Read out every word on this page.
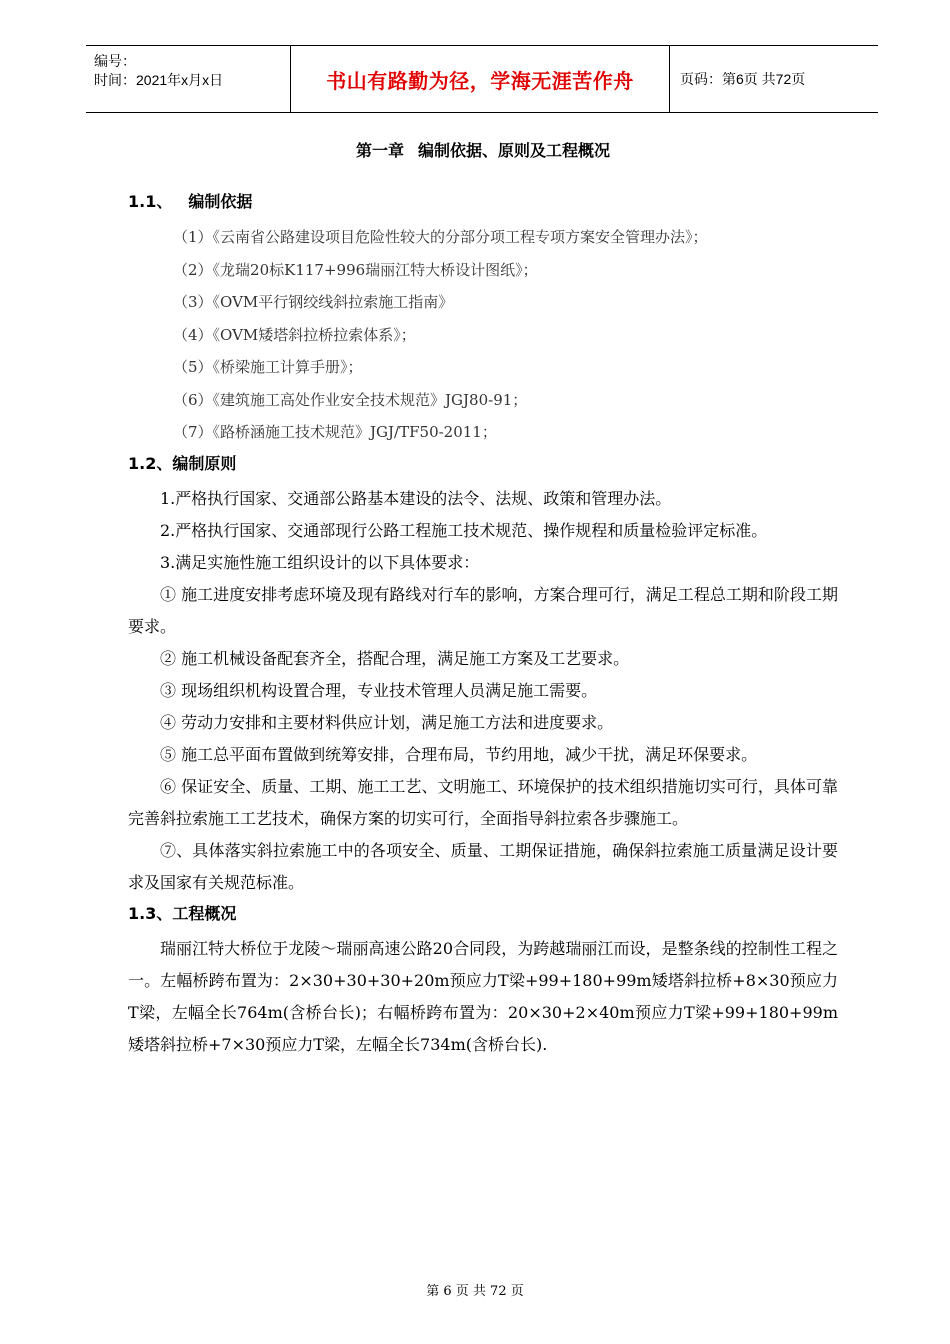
编号：
时间：2021年x月x日	书山有路勤为径，学海无涯苦作舟	页码：第6页 共72页
第一章 编制依据、原则及工程概况
1.1、 编制依据

（1）《云南省公路建设项目危险性较大的分部分项工程专项方案安全管理办法》；

（2）《龙瑞20标K117+996瑞丽江特大桥设计图纸》；

（3）《OVM平行钢绞线斜拉索施工指南》

（4）《OVM矮塔斜拉桥拉索体系》；

（5）《桥梁施工计算手册》；

（6）《建筑施工高处作业安全技术规范》JGJ80-91；

（7）《路桥涵施工技术规范》JGJ/TF50-2011；

1.2、编制原则

1.严格执行国家、交通部公路基本建设的法令、法规、政策和管理办法。

2.严格执行国家、交通部现行公路工程施工技术规范、操作规程和质量检验评定标准。

3.满足实施性施工组织设计的以下具体要求：

① 施工进度安排考虑环境及现有路线对行车的影响，方案合理可行，满足工程总工期和阶段工期要求。

② 施工机械设备配套齐全，搭配合理，满足施工方案及工艺要求。

③ 现场组织机构设置合理，专业技术管理人员满足施工需要。

④ 劳动力安排和主要材料供应计划，满足施工方法和进度要求。

⑤ 施工总平面布置做到统筹安排，合理布局，节约用地，减少干扰，满足环保要求。

⑥ 保证安全、质量、工期、施工工艺、文明施工、环境保护的技术组织措施切实可行，具体可靠完善斜拉索施工工艺技术，确保方案的切实可行，全面指导斜拉索各步骤施工。

⑦、具体落实斜拉索施工中的各项安全、质量、工期保证措施，确保斜拉索施工质量满足设计要求及国家有关规范标准。

1.3、工程概况

瑞丽江特大桥位于龙陵～瑞丽高速公路20合同段，为跨越瑞丽江而设，是整条线的控制性工程之一。左幅桥跨布置为：2×30+30+30+20m预应力T梁+99+180+99m矮塔斜拉桥+8×30预应力T梁，左幅全长764m(含桥台长)；右幅桥跨布置为：20×30+2×40m预应力T梁+99+180+99m矮塔斜拉桥+7×30预应力T梁，左幅全长734m(含桥台长).

第 6 页 共 72 页
